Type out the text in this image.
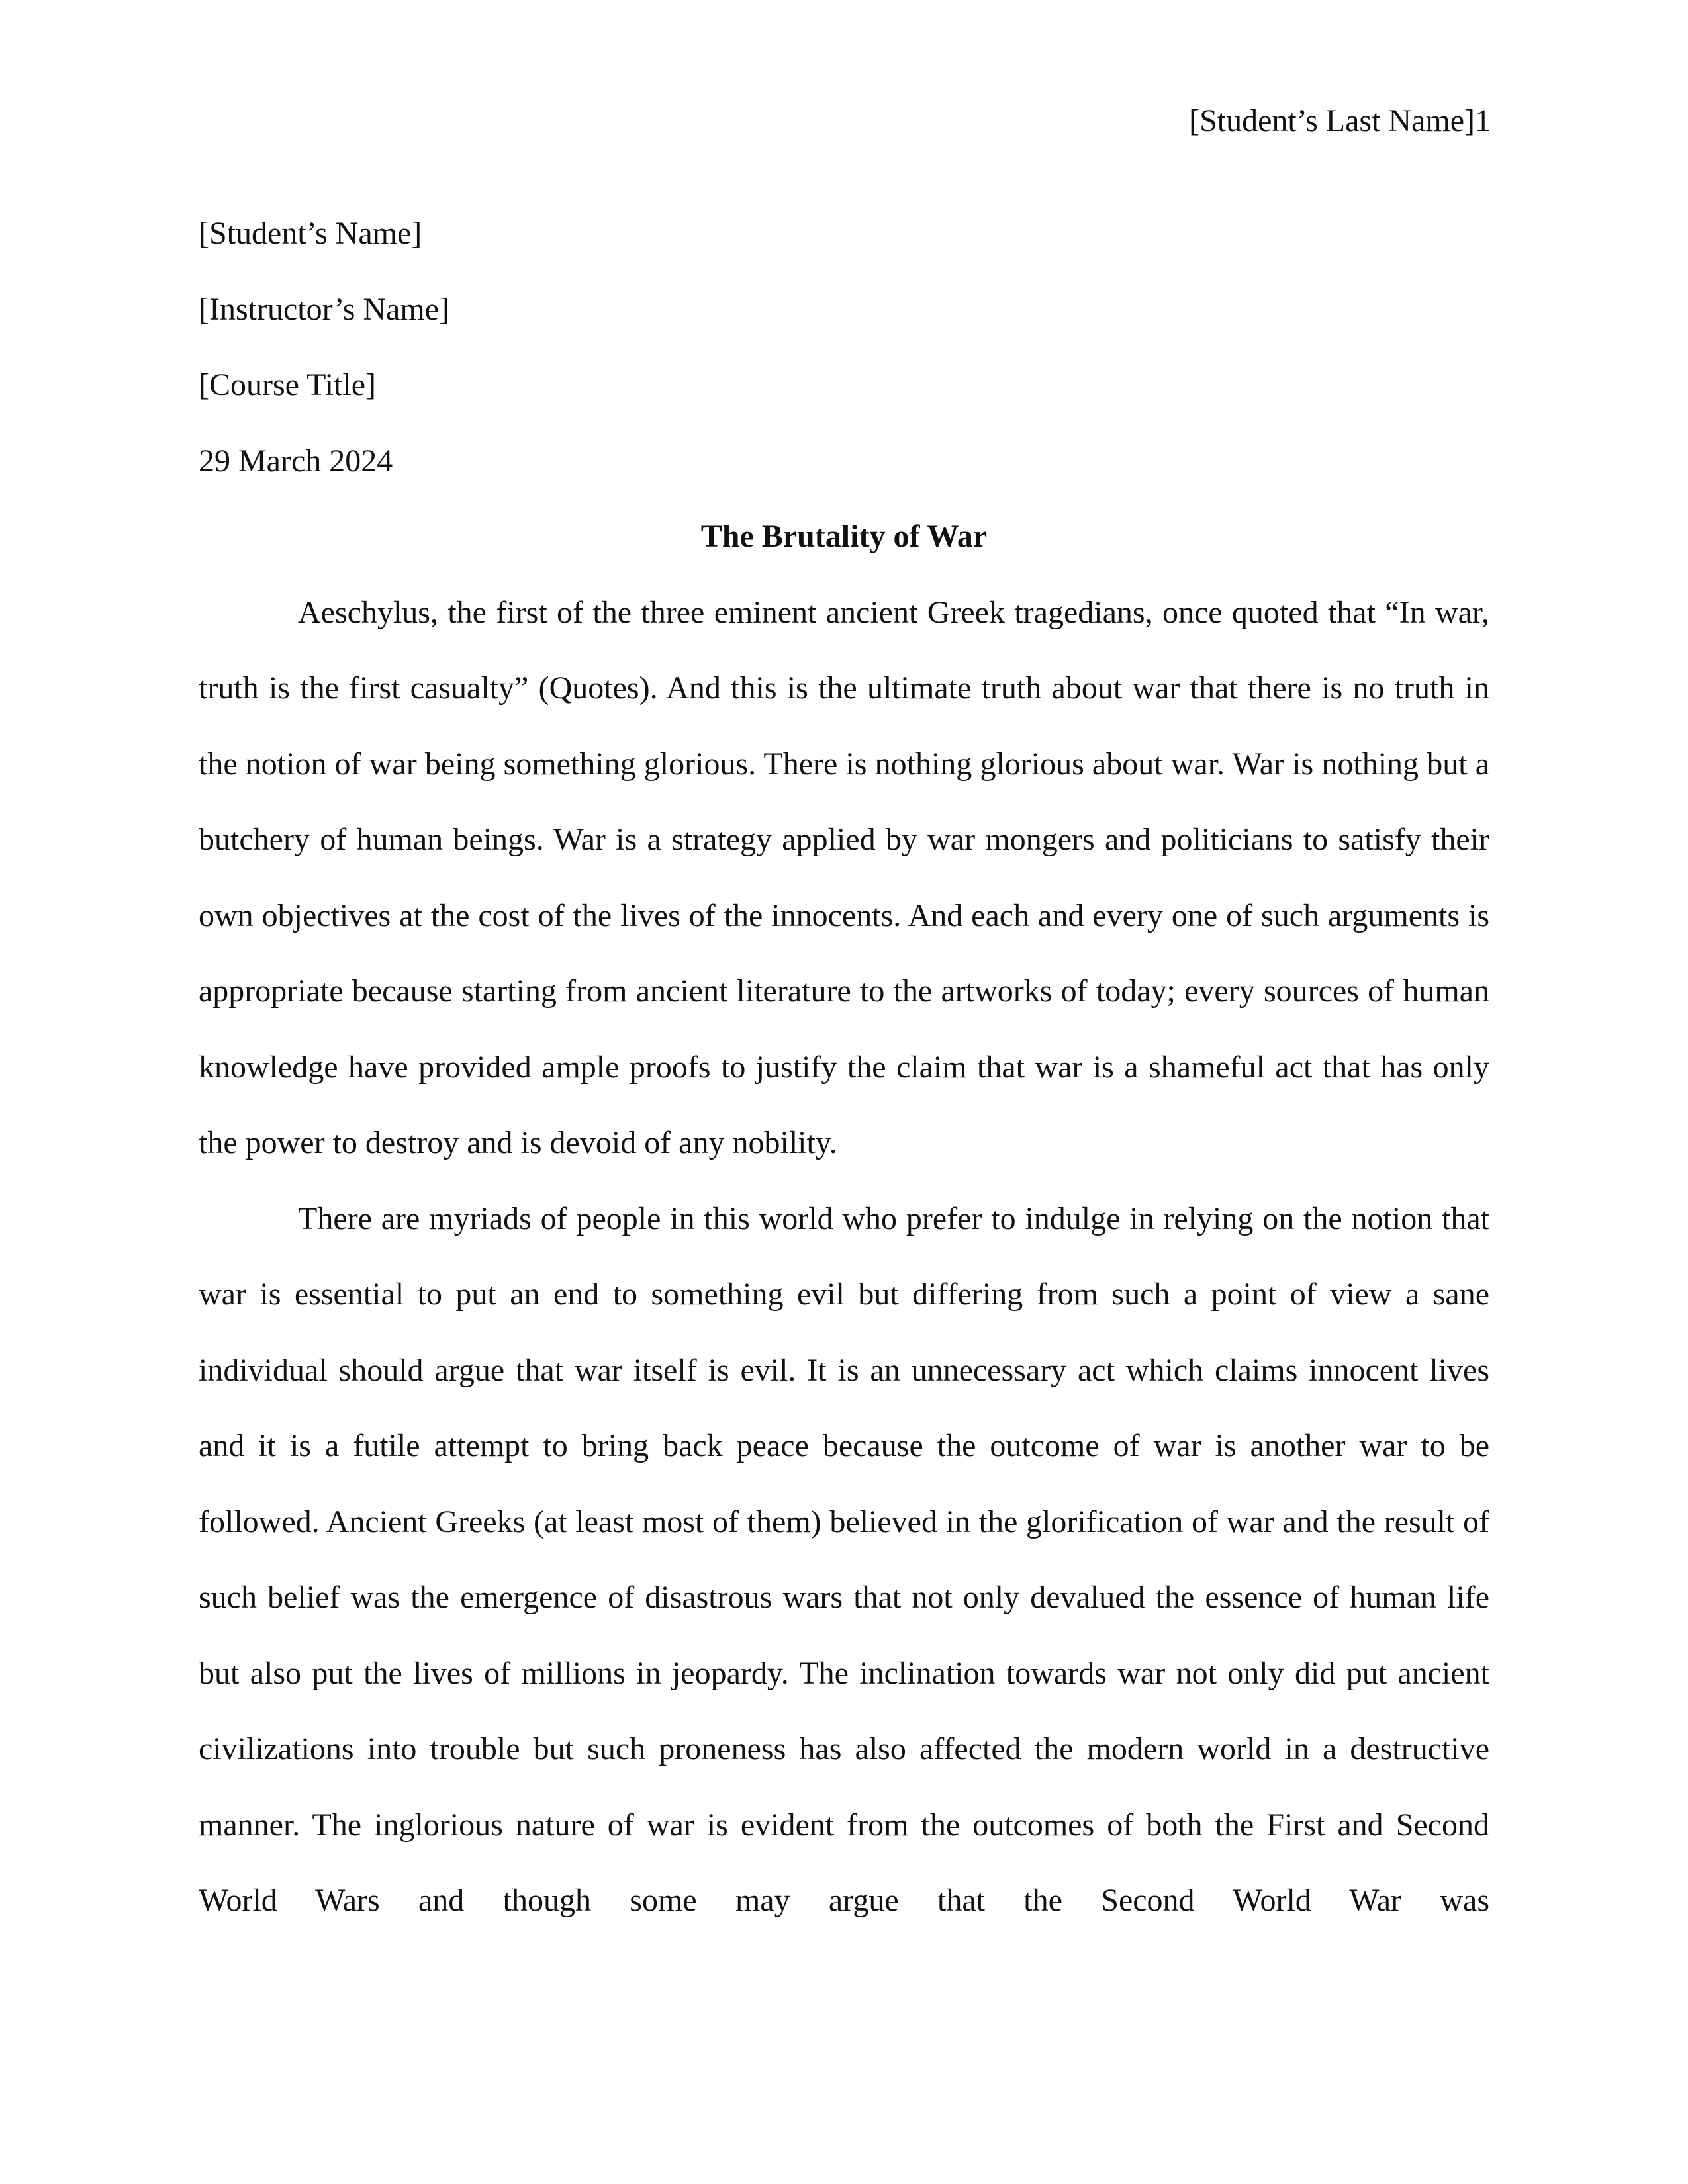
[Student’s Last Name]1

[Student’s Name]

[Instructor’s Name]

[Course Title]

29 March 2024

The Brutality of War

Aeschylus, the first of the three eminent ancient Greek tragedians, once quoted that “In war, truth is the first casualty” (Quotes). And this is the ultimate truth about war that there is no truth in the notion of war being something glorious. There is nothing glorious about war. War is nothing but a butchery of human beings. War is a strategy applied by war mongers and politicians to satisfy their own objectives at the cost of the lives of the innocents. And each and every one of such arguments is appropriate because starting from ancient literature to the artworks of today; every sources of human knowledge have provided ample proofs to justify the claim that war is a shameful act that has only the power to destroy and is devoid of any nobility.

There are myriads of people in this world who prefer to indulge in relying on the notion that war is essential to put an end to something evil but differing from such a point of view a sane individual should argue that war itself is evil. It is an unnecessary act which claims innocent lives and it is a futile attempt to bring back peace because the outcome of war is another war to be followed. Ancient Greeks (at least most of them) believed in the glorification of war and the result of such belief was the emergence of disastrous wars that not only devalued the essence of human life but also put the lives of millions in jeopardy. The inclination towards war not only did put ancient civilizations into trouble but such proneness has also affected the modern world in a destructive manner. The inglorious nature of war is evident from the outcomes of both the First and Second World Wars and though some may argue that the Second World War was
